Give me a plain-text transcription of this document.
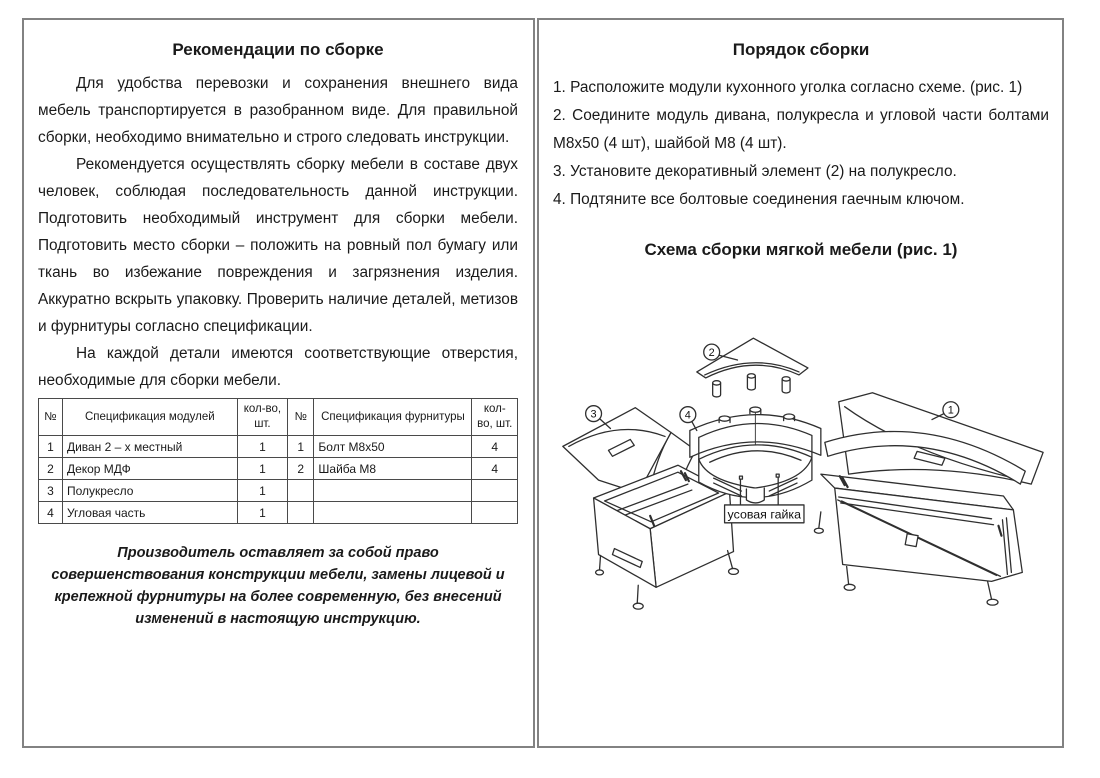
Рекомендации по сборке

Для удобства перевозки и сохранения внешнего вида мебель транспортируется в разобранном виде. Для правильной сборки, необходимо внимательно и строго следовать инструкции.

Рекомендуется осуществлять сборку мебели в составе двух человек, соблюдая последовательность данной инструкции. Подготовить необходимый инструмент для сборки мебели. Подготовить место сборки – положить на ровный пол бумагу или ткань во избежание повреждения и загрязнения изделия. Аккуратно вскрыть упаковку. Проверить наличие деталей, метизов и фурнитуры согласно спецификации.

На каждой детали имеются соответствующие отверстия, необходимые для сборки мебели.

№	Спецификация модулей	кол-во, шт.	№	Спецификация фурнитуры	кол-во, шт.
1	Диван 2 – х местный	1	1	Болт М8х50	4
2	Декор МДФ	1	2	Шайба М8	4
3	Полукресло	1			
4	Угловая часть	1			

Производитель оставляет за собой право совершенствования конструкции мебели, замены лицевой и крепежной фурнитуры на более современную, без внесений изменений в настоящую инструкцию.

Порядок сборки

1. Расположите модули кухонного уголка согласно схеме. (рис. 1)

2. Соедините модуль дивана, полукресла и угловой части болтами М8х50 (4 шт), шайбой М8 (4 шт).

3. Установите декоративный элемент (2) на полукресло.

4. Подтяните все болтовые соединения гаечным ключом.

Схема сборки мягкой мебели (рис. 1)
усовая гайка
2
4
3	1
